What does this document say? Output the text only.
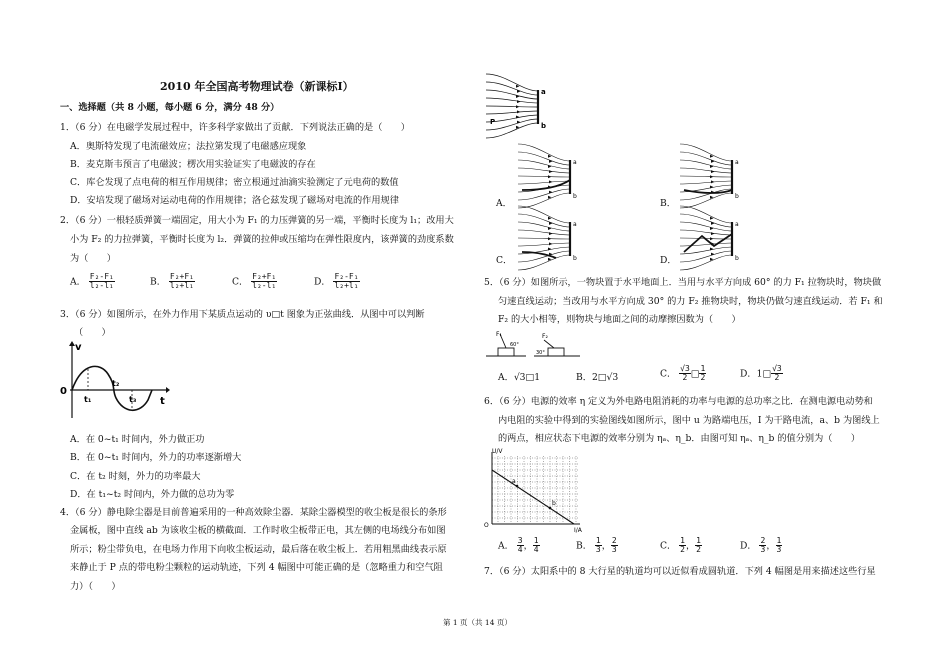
2010 年全国高考物理试卷（新课标Ⅰ）
一、选择题（共 8 小题，每小题 6 分，满分 48 分）
1．（6 分）在电磁学发展过程中，许多科学家做出了贡献．下列说法正确的是（　　）
A．奥斯特发现了电流磁效应；法拉第发现了电磁感应现象
B．麦克斯韦预言了电磁波；楞次用实验证实了电磁波的存在
C．库仑发现了点电荷的相互作用规律；密立根通过油滴实验测定了元电荷的数值
D．安培发现了磁场对运动电荷的作用规律；洛仑兹发现了磁场对电流的作用规律
2．（6 分）一根轻质弹簧一端固定，用大小为 F₁ 的力压弹簧的另一端，平衡时长度为 l₁；改用大
小为 F₂ 的力拉弹簧，平衡时长度为 l₂．弹簧的拉伸或压缩均在弹性限度内，该弹簧的劲度系数
为（　　）
A． $\frac{\text{F₂-F₁}}{\text{l₂-l₁}}$	B． $\frac{\text{F₂+F₁}}{\text{l₂+l₁}}$	C． $\frac{\text{F₂+F₁}}{\text{l₂-l₁}}$	D． $\frac{\text{F₂-F₁}}{\text{l₂+l₁}}$
3．（6 分）如图所示，在外力作用下某质点运动的 υ□t 图象为正弦曲线．从图中可以判断
（　　）
v
0
t₁
t₂
t₃ t
A．在 0~t₁ 时间内，外力做正功
B．在 0~t₁ 时间内，外力的功率逐渐增大
C．在 t₂ 时刻，外力的功率最大
D．在 t₁~t₂ 时间内，外力做的总功为零
4．（6 分）静电除尘器是目前普遍采用的一种高效除尘器．某除尘器模型的收尘板是很长的条形
金属板，图中直线 ab 为该收尘板的横截面．工作时收尘板带正电，其左侧的电场线分布如图
所示；粉尘带负电，在电场力作用下向收尘板运动，最后落在收尘板上．若用粗黑曲线表示原
来静止于 P 点的带电粉尘颗粒的运动轨迹，下列 4 幅图中可能正确的是（忽略重力和空气阻
力）（　　）
a
b
P
A．
a
b
B．
a
b
C．
a
b	D．
a
b
5．（6 分）如图所示，一物块置于水平地面上．当用与水平方向成 60° 的力 F₁ 拉物块时，物块做
匀速直线运动；当改用与水平方向成 30° 的力 F₂ 推物块时，物块仍做匀速直线运动．若 F₁ 和
F₂ 的大小相等，则物块与地面之间的动摩擦因数为（　　）
F₁
60°
F₂
30°
A．√3□1	B．2□√3	C． $\frac{√3}{2}$ □ $\frac{1}{2}$	D．1□ $\frac{√3}{2}$
6．（6 分）电源的效率 η 定义为外电路电阻消耗的功率与电源的总功率之比．在测电源电动势和
内电阻的实验中得到的实验图线如图所示，图中 u 为路端电压，I 为干路电流，a、b 为图线上
的两点，相应状态下电源的效率分别为 ηₐ、η_b．由图可知 ηₐ、η_b 的值分别为（　　）
U/V
I/A
O
a
b
A． $\frac{3}{4}$ ， $\frac{1}{4}$	B． $\frac{1}{3}$ ， $\frac{2}{3}$	C． $\frac{1}{2}$ ， $\frac{1}{2}$	D． $\frac{2}{3}$ ， $\frac{1}{3}$
7．（6 分）太阳系中的 8 大行星的轨道均可以近似看成圆轨道．下列 4 幅图是用来描述这些行星
第 1 页（共 14 页）
